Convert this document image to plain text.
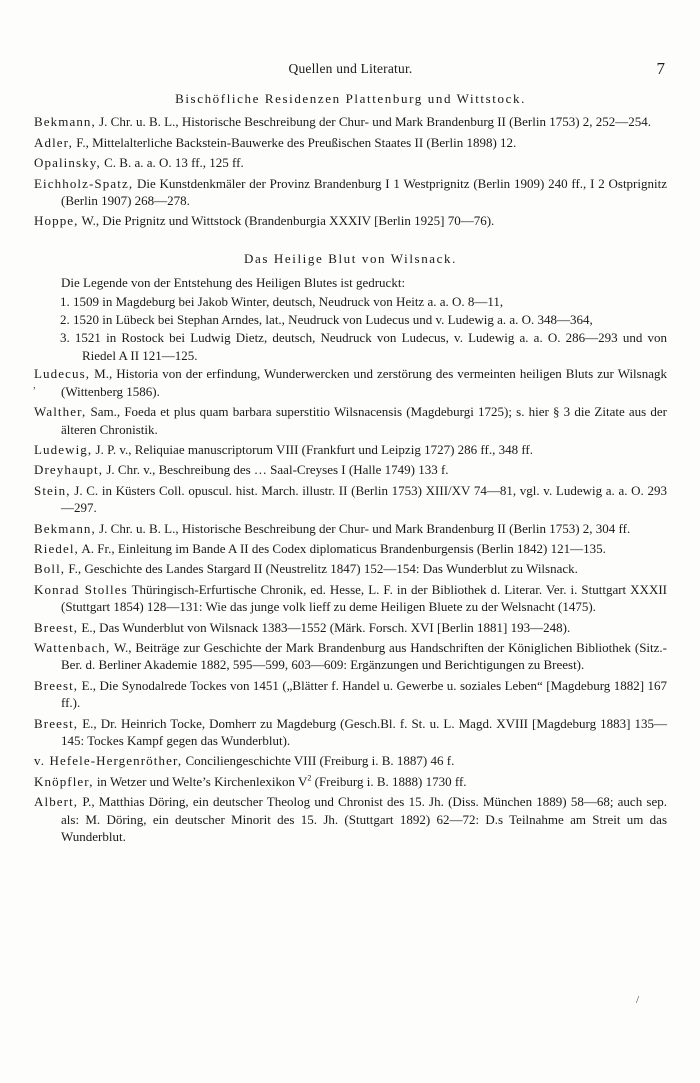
Quellen und Literatur.	7
Bischöfliche Residenzen Plattenburg und Wittstock.
Bekmann, J. Chr. u. B. L., Historische Beschreibung der Chur- und Mark Brandenburg II (Berlin 1753) 2, 252—254.
Adler, F., Mittelalterliche Backstein-Bauwerke des Preußischen Staates II (Berlin 1898) 12.
Opalinsky, C. B. a. a. O. 13 ff., 125 ff.
Eichholz-Spatz, Die Kunstdenkmäler der Provinz Brandenburg I 1 Westprignitz (Berlin 1909) 240 ff., I 2 Ostprignitz (Berlin 1907) 268—278.
Hoppe, W., Die Prignitz und Wittstock (Brandenburgia XXXIV [Berlin 1925] 70—76).
Das Heilige Blut von Wilsnack.
Die Legende von der Entstehung des Heiligen Blutes ist gedruckt:
1. 1509 in Magdeburg bei Jakob Winter, deutsch, Neudruck von Heitz a. a. O. 8—11,
2. 1520 in Lübeck bei Stephan Arndes, lat., Neudruck von Ludecus und v. Ludewig a. a. O. 348—364,
3. 1521 in Rostock bei Ludwig Dietz, deutsch, Neudruck von Ludecus, v. Ludewig a. a. O. 286—293 und von Riedel A II 121—125.
Ludecus, M., Historia von der erfindung, Wunderwercken und zerstörung des vermeinten heiligen Bluts zur Wilsnagk (Wittenberg 1586).
Walther, Sam., Foeda et plus quam barbara superstitio Wilsnacensis (Magdeburgi 1725); s. hier § 3 die Zitate aus der älteren Chronistik.
Ludewig, J. P. v., Reliquiae manuscriptorum VIII (Frankfurt und Leipzig 1727) 286 ff., 348 ff.
Dreyhaupt, J. Chr. v., Beschreibung des … Saal-Creyses I (Halle 1749) 133 f.
Stein, J. C. in Küsters Coll. opuscul. hist. March. illustr. II (Berlin 1753) XIII/XV 74—81, vgl. v. Ludewig a. a. O. 293—297.
Bekmann, J. Chr. u. B. L., Historische Beschreibung der Chur- und Mark Brandenburg II (Berlin 1753) 2, 304 ff.
Riedel, A. Fr., Einleitung im Bande A II des Codex diplomaticus Brandenburgensis (Berlin 1842) 121—135.
Boll, F., Geschichte des Landes Stargard II (Neustrelitz 1847) 152—154: Das Wunderblut zu Wilsnack.
Konrad Stolles Thüringisch-Erfurtische Chronik, ed. Hesse, L. F. in der Bibliothek d. Literar. Ver. i. Stuttgart XXXII (Stuttgart 1854) 128—131: Wie das junge volk lieff zu deme Heiligen Bluete zu der Welsnacht (1475).
Breest, E., Das Wunderblut von Wilsnack 1383—1552 (Märk. Forsch. XVI [Berlin 1881] 193—248).
Wattenbach, W., Beiträge zur Geschichte der Mark Brandenburg aus Handschriften der Königlichen Bibliothek (Sitz.-Ber. d. Berliner Akademie 1882, 595—599, 603—609: Ergänzungen und Berichtigungen zu Breest).
Breest, E., Die Synodalrede Tockes von 1451 („Blätter f. Handel u. Gewerbe u. soziales Leben“ [Magdeburg 1882] 167 ff.).
Breest, E., Dr. Heinrich Tocke, Domherr zu Magdeburg (Gesch.Bl. f. St. u. L. Magd. XVIII [Magdeburg 1883] 135—145: Tockes Kampf gegen das Wunderblut).
v. Hefele-Hergenröther, Conciliengeschichte VIII (Freiburg i. B. 1887) 46 f.
Knöpfler, in Wetzer und Welte’s Kirchenlexikon $V^2$ (Freiburg i. B. 1888) 1730 ff.
Albert, P., Matthias Döring, ein deutscher Theolog und Chronist des 15. Jh. (Diss. München 1889) 58—68; auch sep. als: M. Döring, ein deutscher Minorit des 15. Jh. (Stuttgart 1892) 62—72: D.s Teilnahme am Streit um das Wunderblut.
,
/
